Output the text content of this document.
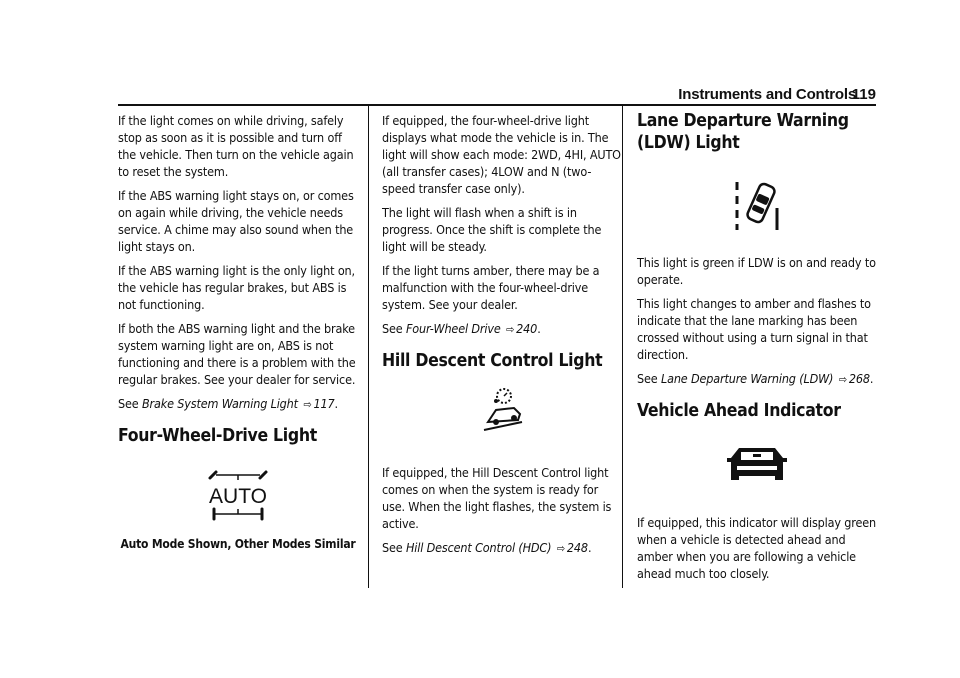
Instruments and Controls
119

If the light comes on while driving, safely stop as soon as it is possible and turn off the vehicle. Then turn on the vehicle again to reset the system.

If the ABS warning light stays on, or comes on again while driving, the vehicle needs service. A chime may also sound when the light stays on.

If the ABS warning light is the only light on, the vehicle has regular brakes, but ABS is not functioning.

If both the ABS warning light and the brake system warning light are on, ABS is not functioning and there is a problem with the regular brakes. See your dealer for service.

See Brake System Warning Light ⇨ 117.

Four-Wheel-Drive Light
AUTO
Auto Mode Shown, Other Modes Similar

If equipped, the four-wheel-drive light displays what mode the vehicle is in. The light will show each mode: 2WD, 4HI, AUTO (all transfer cases); 4LOW and N (two-speed transfer case only).

The light will flash when a shift is in progress. Once the shift is complete the light will be steady.

If the light turns amber, there may be a malfunction with the four-wheel-drive system. See your dealer.

See Four-Wheel Drive ⇨ 240.

Hill Descent Control Light

If equipped, the Hill Descent Control light comes on when the system is ready for use. When the light flashes, the system is active.

See Hill Descent Control (HDC) ⇨ 248.

Lane Departure Warning (LDW) Light

This light is green if LDW is on and ready to operate.

This light changes to amber and flashes to indicate that the lane marking has been crossed without using a turn signal in that direction.

See Lane Departure Warning (LDW) ⇨ 268.

Vehicle Ahead Indicator

If equipped, this indicator will display green when a vehicle is detected ahead and amber when you are following a vehicle ahead much too closely.
